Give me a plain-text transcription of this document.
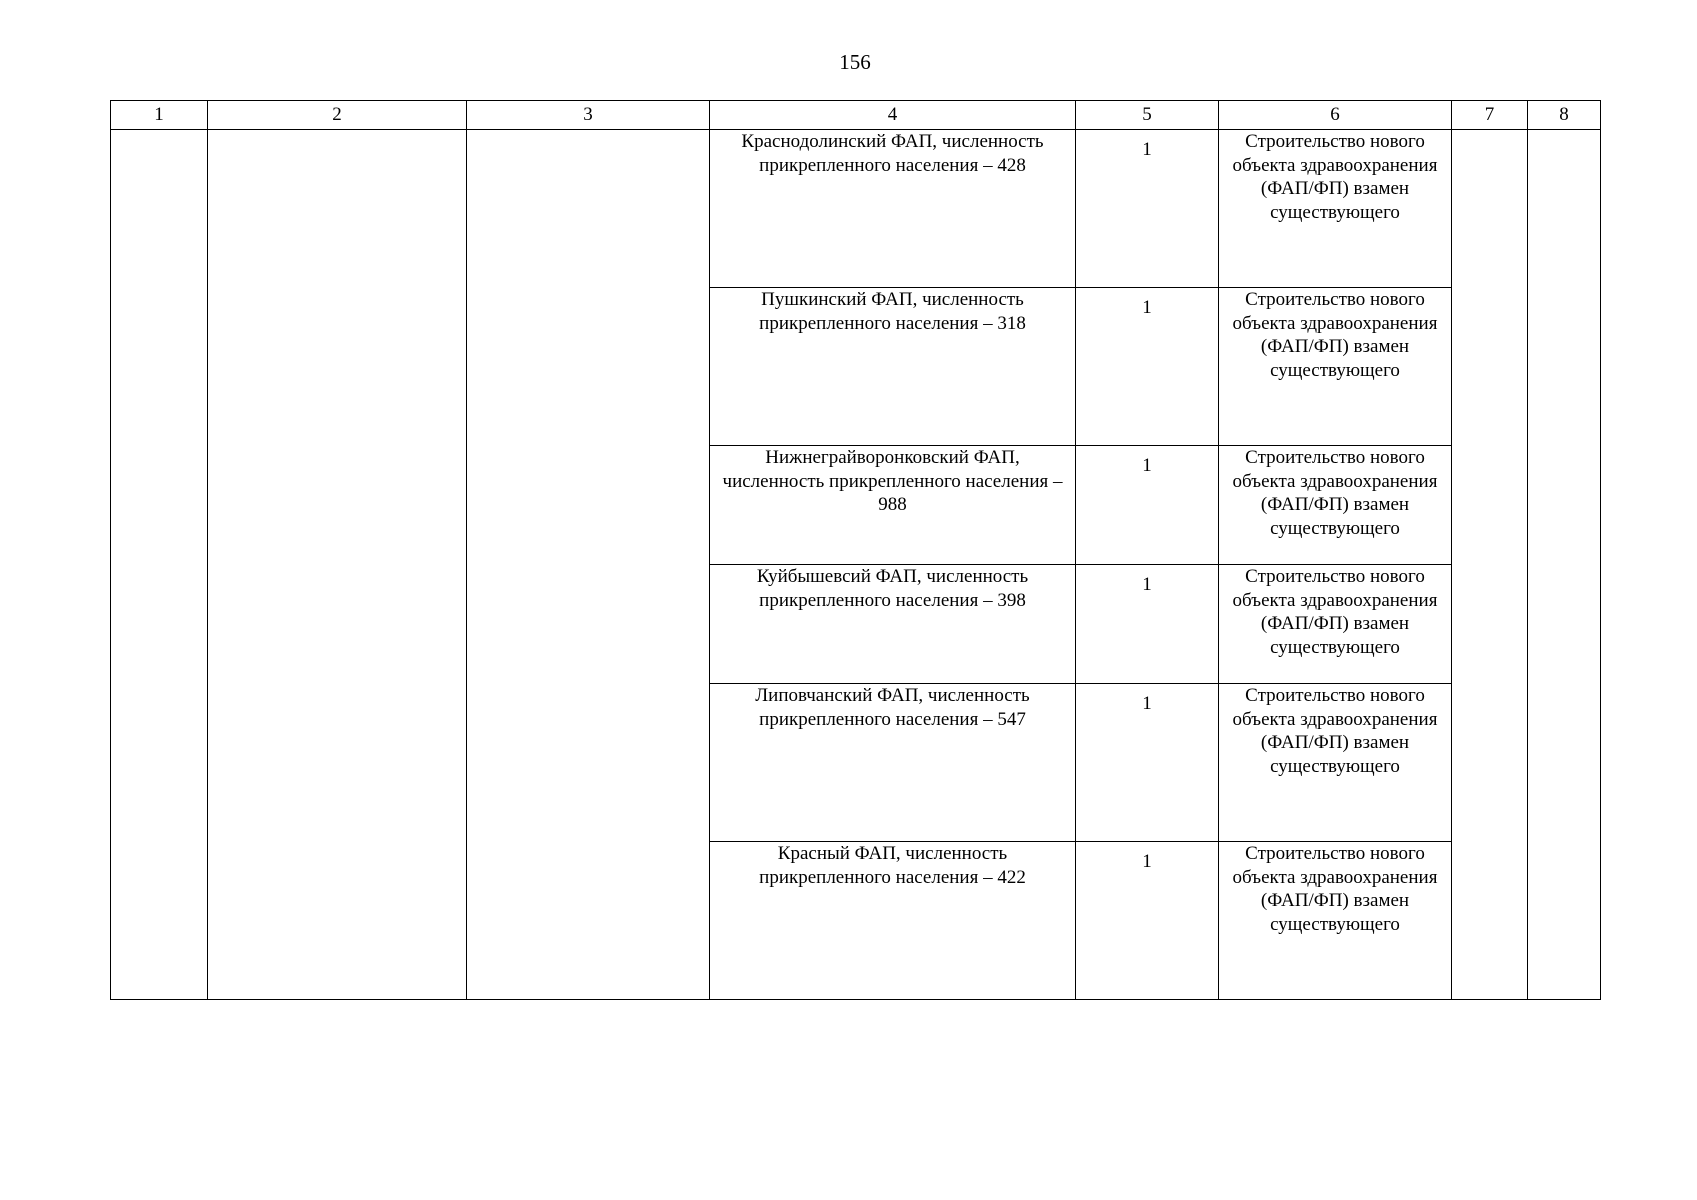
156
1	2	3	4	5	6	7	8
			Краснодолинский ФАП, численность прикрепленного населения – 428	1	Строительство нового объекта здравоохранения (ФАП/ФП) взамен существующего		
			Пушкинский ФАП, численность прикрепленного населения – 318	1	Строительство нового объекта здравоохранения (ФАП/ФП) взамен существующего		
			Нижнеграйворонковский ФАП, численность прикрепленного населения – 988	1	Строительство нового объекта здравоохранения (ФАП/ФП) взамен существующего		
			Куйбышевсий ФАП, численность прикрепленного населения – 398	1	Строительство нового объекта здравоохранения (ФАП/ФП) взамен существующего		
			Липовчанский ФАП, численность прикрепленного населения – 547	1	Строительство нового объекта здравоохранения (ФАП/ФП) взамен существующего		
			Красный ФАП, численность прикрепленного населения – 422	1	Строительство нового объекта здравоохранения (ФАП/ФП) взамен существующего		
